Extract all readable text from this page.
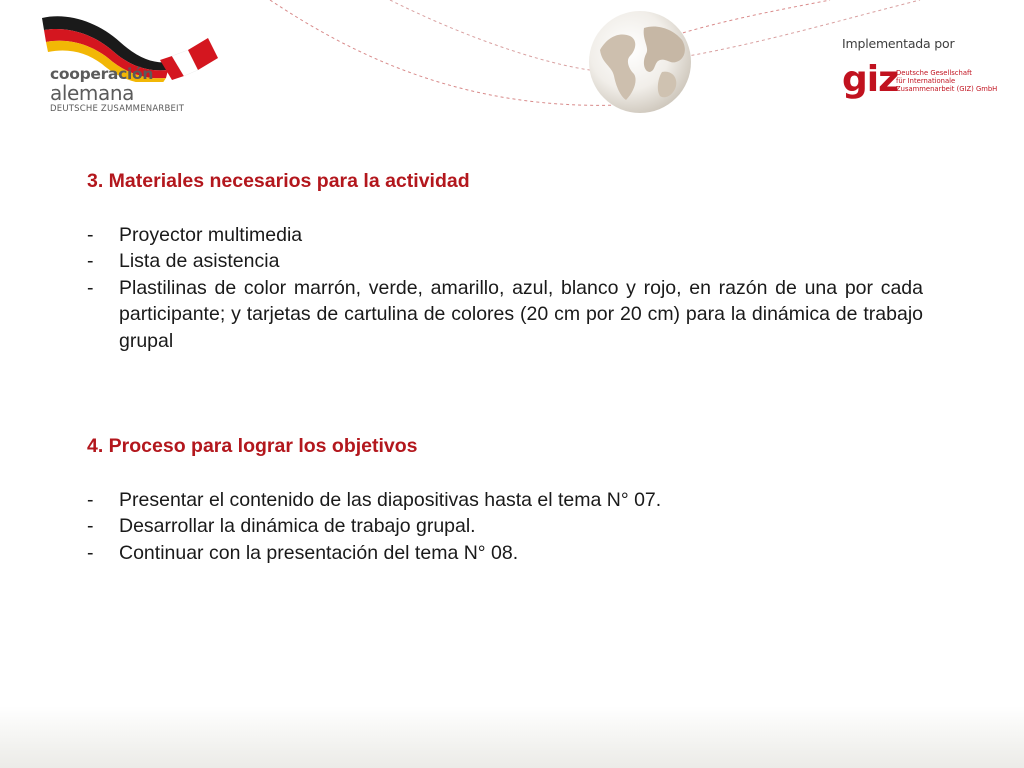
cooperación
alemana
DEUTSCHE ZUSAMMENARBEIT
Implementada por
giz
Deutsche Gesellschaft
für Internationale
Zusammenarbeit (GIZ) GmbH
3. Materiales necesarios para la actividad
- Proyector multimedia
- Lista de asistencia
- Plastilinas de color marrón, verde, amarillo, azul, blanco y rojo, en razón de una por cada participante; y tarjetas de cartulina de colores (20 cm por 20 cm) para la dinámica de trabajo grupal
4. Proceso para lograr los objetivos
- Presentar el contenido de las diapositivas hasta el tema N° 07.
- Desarrollar la dinámica de trabajo grupal.
- Continuar con la presentación del tema N° 08.
